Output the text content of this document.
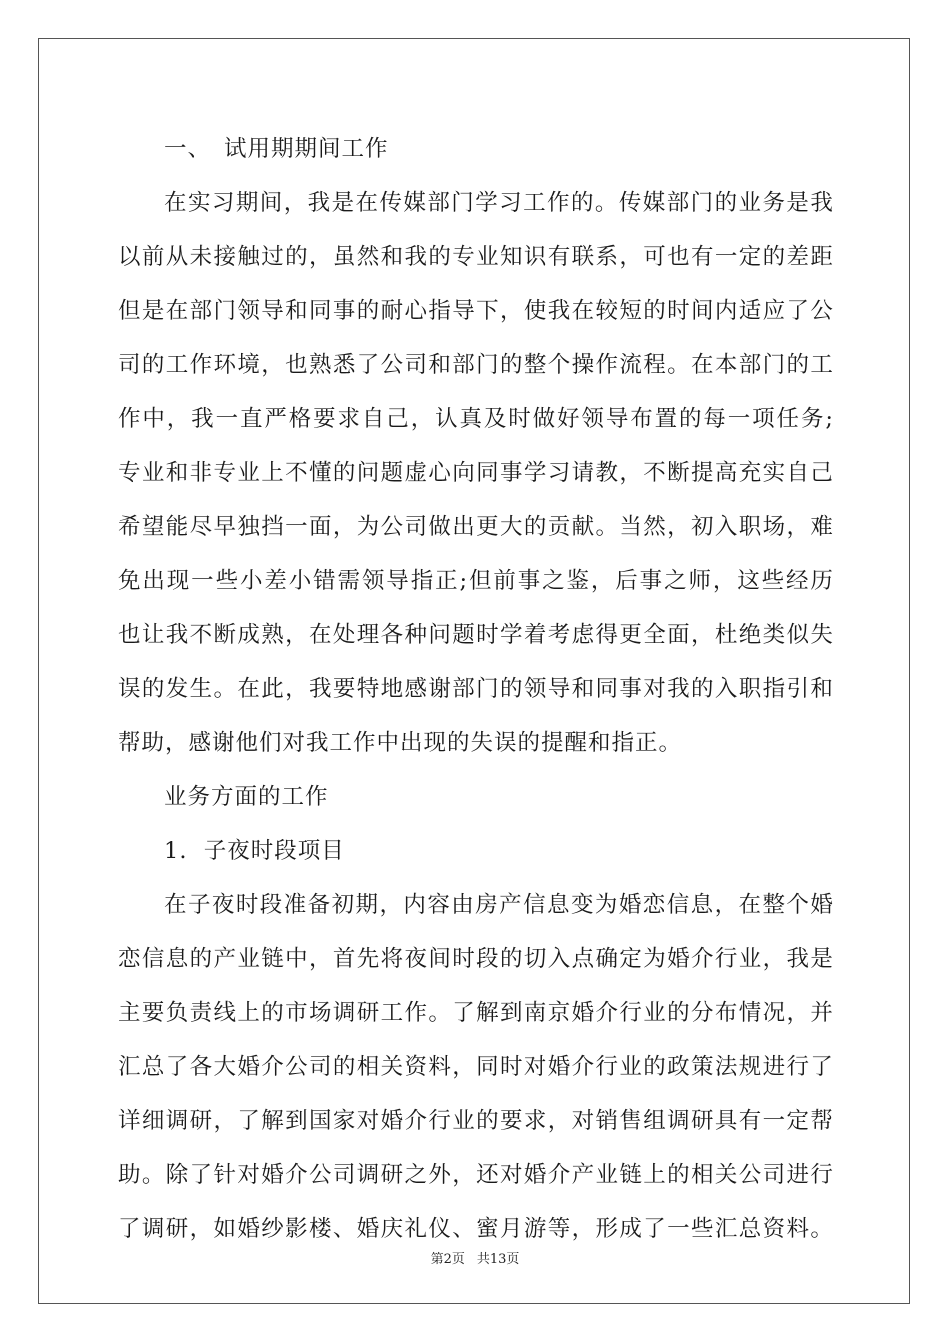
一、 试用期期间工作
在 实 习 期 间 ， 我 是 在 传 媒 部 门 学 习 工 作 的 。 传 媒 部 门 的 业 务 是 我
以 前 从 未 接 触 过 的 ， 虽 然 和 我 的 专 业 知 识 有 联 系 ， 可 也 有 一 定 的 差 距
但 是 在 部 门 领 导 和 同 事 的 耐 心 指 导 下 ， 使 我 在 较 短 的 时 间 内 适 应 了 公
司 的 工 作 环 境 ， 也 熟 悉 了 公 司 和 部 门 的 整 个 操 作 流 程 。 在 本 部 门 的 工
作 中 ， 我 一 直 严 格 要 求 自 己 ， 认 真 及 时 做 好 领 导 布 置 的 每 一 项 任 务 ;
专 业 和 非 专 业 上 不 懂 的 问 题 虚 心 向 同 事 学 习 请 教 ， 不 断 提 高 充 实 自 己
希 望 能 尽 早 独 挡 一 面 ， 为 公 司 做 出 更 大 的 贡 献 。 当 然 ， 初 入 职 场 ， 难
免 出 现 一 些 小 差 小 错 需 领 导 指 正 ; 但 前 事 之 鉴 ， 后 事 之 师 ， 这 些 经 历
也 让 我 不 断 成 熟 ， 在 处 理 各 种 问 题 时 学 着 考 虑 得 更 全 面 ， 杜 绝 类 似 失
误 的 发 生 。 在 此 ， 我 要 特 地 感 谢 部 门 的 领 导 和 同 事 对 我 的 入 职 指 引 和
帮助，感谢他们对我工作中出现的失误的提醒和指正。
业务方面的工作
1. 子夜时段项目
在 子 夜 时 段 准 备 初 期 ， 内 容 由 房 产 信 息 变 为 婚 恋 信 息 ， 在 整 个 婚
恋 信 息 的 产 业 链 中 ， 首 先 将 夜 间 时 段 的 切 入 点 确 定 为 婚 介 行 业 ， 我 是
主 要 负 责 线 上 的 市 场 调 研 工 作 。 了 解 到 南 京 婚 介 行 业 的 分 布 情 况 ， 并
汇 总 了 各 大 婚 介 公 司 的 相 关 资 料 ， 同 时 对 婚 介 行 业 的 政 策 法 规 进 行 了
详 细 调 研 ， 了 解 到 国 家 对 婚 介 行 业 的 要 求 ， 对 销 售 组 调 研 具 有 一 定 帮
助 。 除 了 针 对 婚 介 公 司 调 研 之 外 ， 还 对 婚 介 产 业 链 上 的 相 关 公 司 进 行
了 调 研 ， 如 婚 纱 影 楼 、 婚 庆 礼 仪 、 蜜 月 游 等 ， 形 成 了 一 些 汇 总 资 料 。
第2页 共13页
